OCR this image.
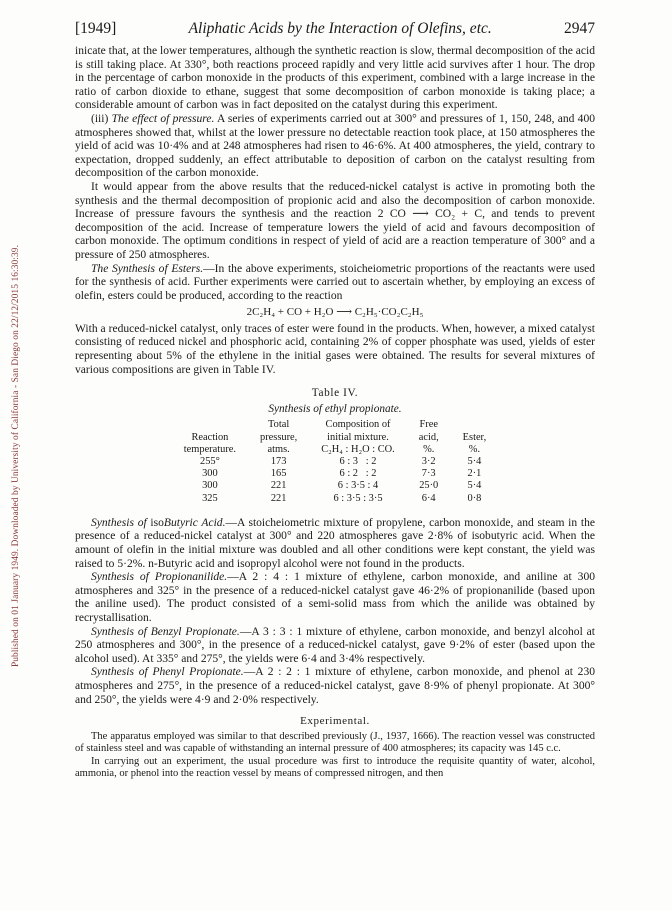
Published on 01 January 1949. Downloaded by University of California - San Diego on 22/12/2015 16:30:39.
[1949]	Aliphatic Acids by the Interaction of Olefins, etc.	2947

inicate that, at the lower temperatures, although the synthetic reaction is slow, thermal decomposition of the acid is still taking place. At 330°, both reactions proceed rapidly and very little acid survives after 1 hour. The drop in the percentage of carbon monoxide in the products of this experiment, combined with a large increase in the ratio of carbon dioxide to ethane, suggest that some decomposition of carbon monoxide is taking place; a considerable amount of carbon was in fact deposited on the catalyst during this experiment.

(iii) The effect of pressure. A series of experiments carried out at 300° and pressures of 1, 150, 248, and 400 atmospheres showed that, whilst at the lower pressure no detectable reaction took place, at 150 atmospheres the yield of acid was 10·4% and at 248 atmospheres had risen to 46·6%. At 400 atmospheres, the yield, contrary to expectation, dropped suddenly, an effect attributable to deposition of carbon on the catalyst resulting from decomposition of the carbon monoxide.

It would appear from the above results that the reduced-nickel catalyst is active in promoting both the synthesis and the thermal decomposition of propionic acid and also the decomposition of carbon monoxide. Increase of pressure favours the synthesis and the reaction 2 CO ⟶ CO₂ + C, and tends to prevent decomposition of the acid. Increase of temperature lowers the yield of acid and favours decomposition of carbon monoxide. The optimum conditions in respect of yield of acid are a reaction temperature of 300° and a pressure of 250 atmospheres.

The Synthesis of Esters.—In the above experiments, stoicheiometric proportions of the reactants were used for the synthesis of acid. Further experiments were carried out to ascertain whether, by employing an excess of olefin, esters could be produced, according to the reaction

2C₂H₄ + CO + H₂O ⟶ C₂H₅·CO₂C₂H₅

With a reduced-nickel catalyst, only traces of ester were found in the products. When, however, a mixed catalyst consisting of reduced nickel and phosphoric acid, containing 2% of copper phosphate was used, yields of ester representing about 5% of the ethylene in the initial gases were obtained. The results for several mixtures of various compositions are given in Table IV.

Table IV.
Synthesis of ethyl propionate.
	Total	Composition of	Free	
Reaction	pressure,	initial mixture.	acid,	Ester,
temperature.	atms.	C₂H₄ : H₂O : CO.	%.	%.
255°	173	6 : 3   : 2	3·2	5·4
300	165	6 : 2   : 2	7·3	2·1
300	221	6 : 3·5 : 4	25·0	5·4
325	221	6 : 3·5 : 3·5	6·4	0·8

Synthesis of isoButyric Acid.—A stoicheiometric mixture of propylene, carbon monoxide, and steam in the presence of a reduced-nickel catalyst at 300° and 220 atmospheres gave 2·8% of isobutyric acid. When the amount of olefin in the initial mixture was doubled and all other conditions were kept constant, the yield was raised to 5·2%. n-Butyric acid and isopropyl alcohol were not found in the products.

Synthesis of Propionanilide.—A 2 : 4 : 1 mixture of ethylene, carbon monoxide, and aniline at 300 atmospheres and 325° in the presence of a reduced-nickel catalyst gave 46·2% of propionanilide (based upon the aniline used). The product consisted of a semi-solid mass from which the anilide was obtained by recrystallisation.

Synthesis of Benzyl Propionate.—A 3 : 3 : 1 mixture of ethylene, carbon monoxide, and benzyl alcohol at 250 atmospheres and 300°, in the presence of a reduced-nickel catalyst, gave 9·2% of ester (based upon the alcohol used). At 335° and 275°, the yields were 6·4 and 3·4% respectively.

Synthesis of Phenyl Propionate.—A 2 : 2 : 1 mixture of ethylene, carbon monoxide, and phenol at 230 atmospheres and 275°, in the presence of a reduced-nickel catalyst, gave 8·9% of phenyl propionate. At 300° and 250°, the yields were 4·9 and 2·0% respectively.

Experimental.

The apparatus employed was similar to that described previously (J., 1937, 1666). The reaction vessel was constructed of stainless steel and was capable of withstanding an internal pressure of 400 atmospheres; its capacity was 145 c.c.

In carrying out an experiment, the usual procedure was first to introduce the requisite quantity of water, alcohol, ammonia, or phenol into the reaction vessel by means of compressed nitrogen, and then
